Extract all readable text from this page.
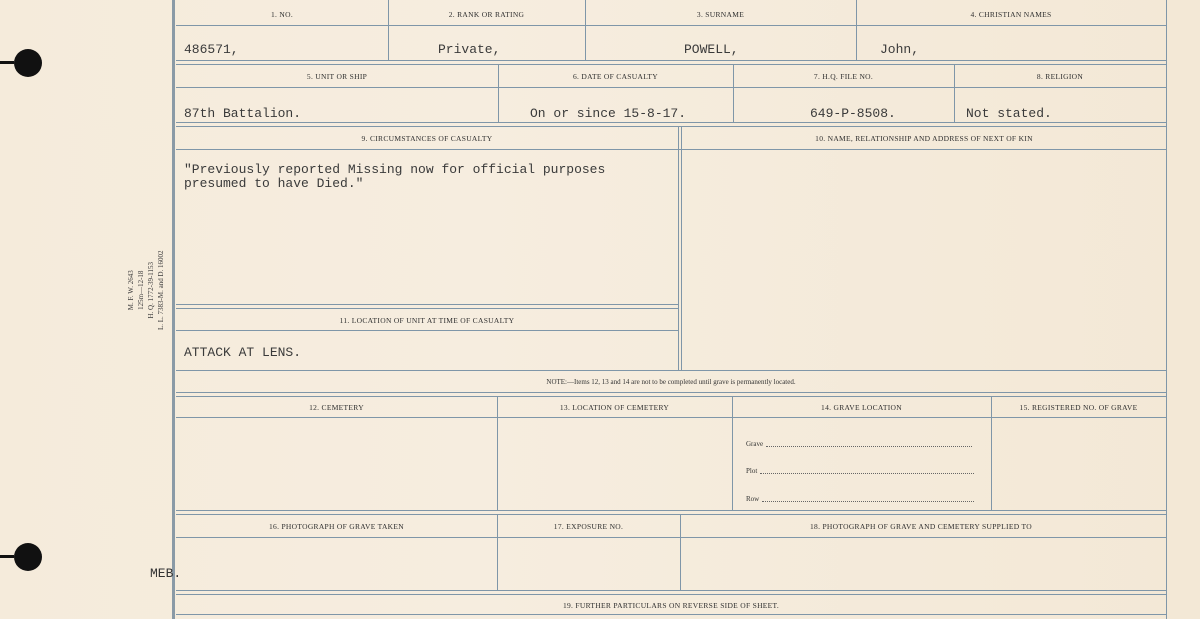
M. F. W. 2643 125m—12-18 H. Q. 1772-39-1153 L. L. 7383-M. and D. 16002
MEB.
1. NO.	2. RANK OR RATING	3. SURNAME	4. CHRISTIAN NAMES
486571,	Private,	POWELL,	John,
5. UNIT OR SHIP	6. DATE OF CASUALTY	7. H.Q. FILE NO.	8. RELIGION
87th Battalion.	On or since 15-8-17.	649-P-8508.	Not stated.
9. CIRCUMSTANCES OF CASUALTY	10. NAME, RELATIONSHIP AND ADDRESS OF NEXT OF KIN
"Previously reported Missing now for official purposes
presumed to have Died."
11. LOCATION OF UNIT AT TIME OF CASUALTY
ATTACK AT LENS.
NOTE:—Items 12, 13 and 14 are not to be completed until grave is permanently located.
12. CEMETERY	13. LOCATION OF CEMETERY	14. GRAVE LOCATION	15. REGISTERED NO. OF GRAVE
Grave
Plot
Row
16. PHOTOGRAPH OF GRAVE TAKEN	17. EXPOSURE NO.	18. PHOTOGRAPH OF GRAVE AND CEMETERY SUPPLIED TO
19. FURTHER PARTICULARS ON REVERSE SIDE OF SHEET.
